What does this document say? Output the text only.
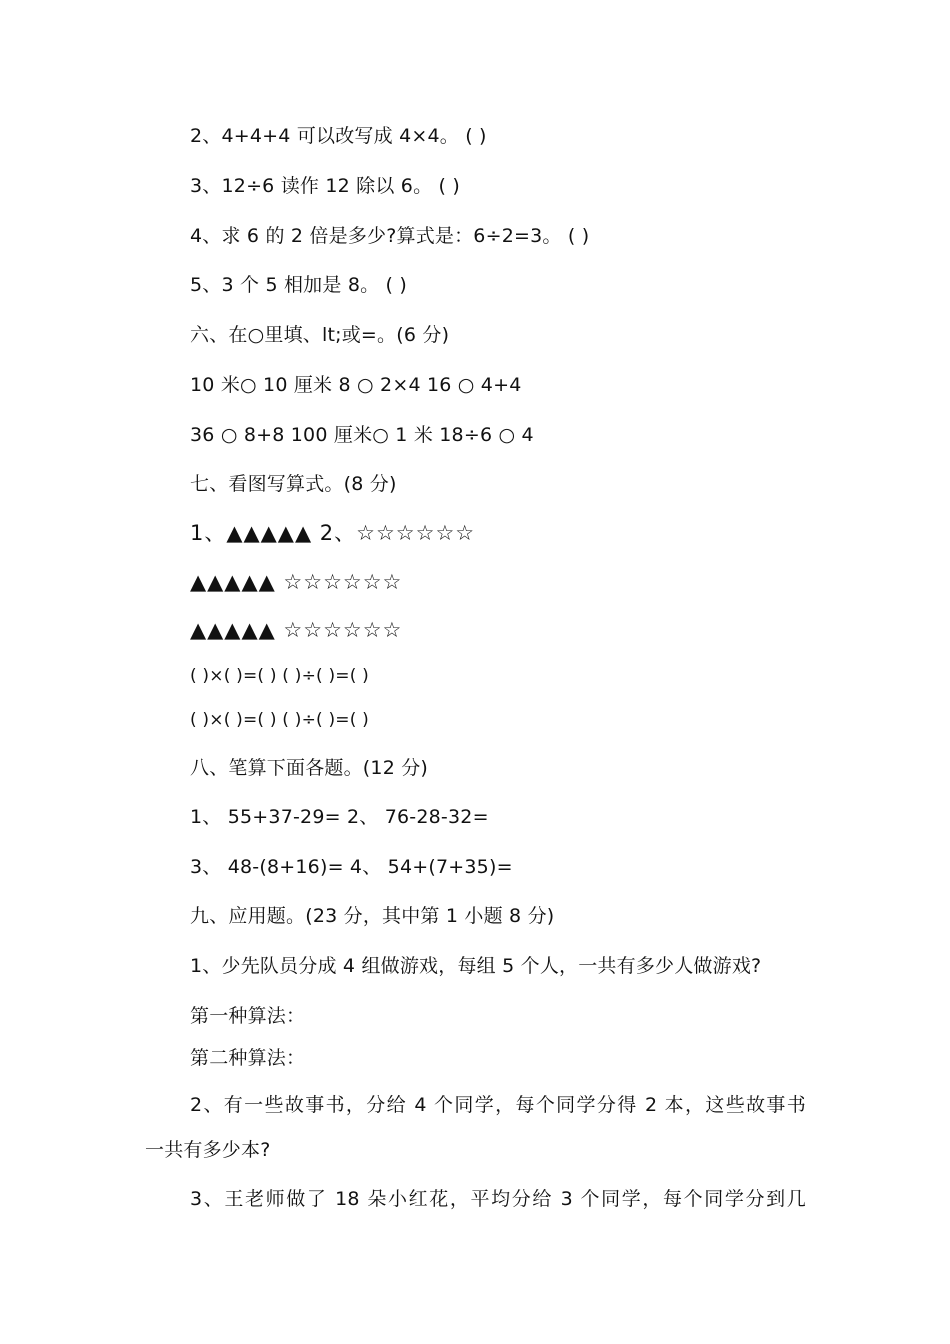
2、4+4+4 可以改写成 4×4。 ( )
3、12÷6 读作 12 除以 6。 ( )
4、求 6 的 2 倍是多少?算式是：6÷2=3。 ( )
5、3 个 5 相加是 8。 ( )
六、在○里填、lt;或=。(6 分)
10 米○ 10 厘米 8 ○ 2×4 16 ○ 4+4
36 ○ 8+8 100 厘米○ 1 米 18÷6 ○ 4
七、看图写算式。(8 分)
1、▲▲▲▲▲ 2、☆☆☆☆☆☆
▲▲▲▲▲ ☆☆☆☆☆☆
▲▲▲▲▲ ☆☆☆☆☆☆
( )×( )=( ) ( )÷( )=( )
( )×( )=( ) ( )÷( )=( )
八、笔算下面各题。(12 分)
1、 55+37-29= 2、 76-28-32=
3、 48-(8+16)= 4、 54+(7+35)=
九、应用题。(23 分，其中第 1 小题 8 分)
1、少先队员分成 4 组做游戏，每组 5 个人，一共有多少人做游戏?
第一种算法：
第二种算法：
2、有一些故事书，分给 4 个同学，每个同学分得 2 本，这些故事书
一共有多少本?
3、王老师做了 18 朵小红花，平均分给 3 个同学，每个同学分到几
